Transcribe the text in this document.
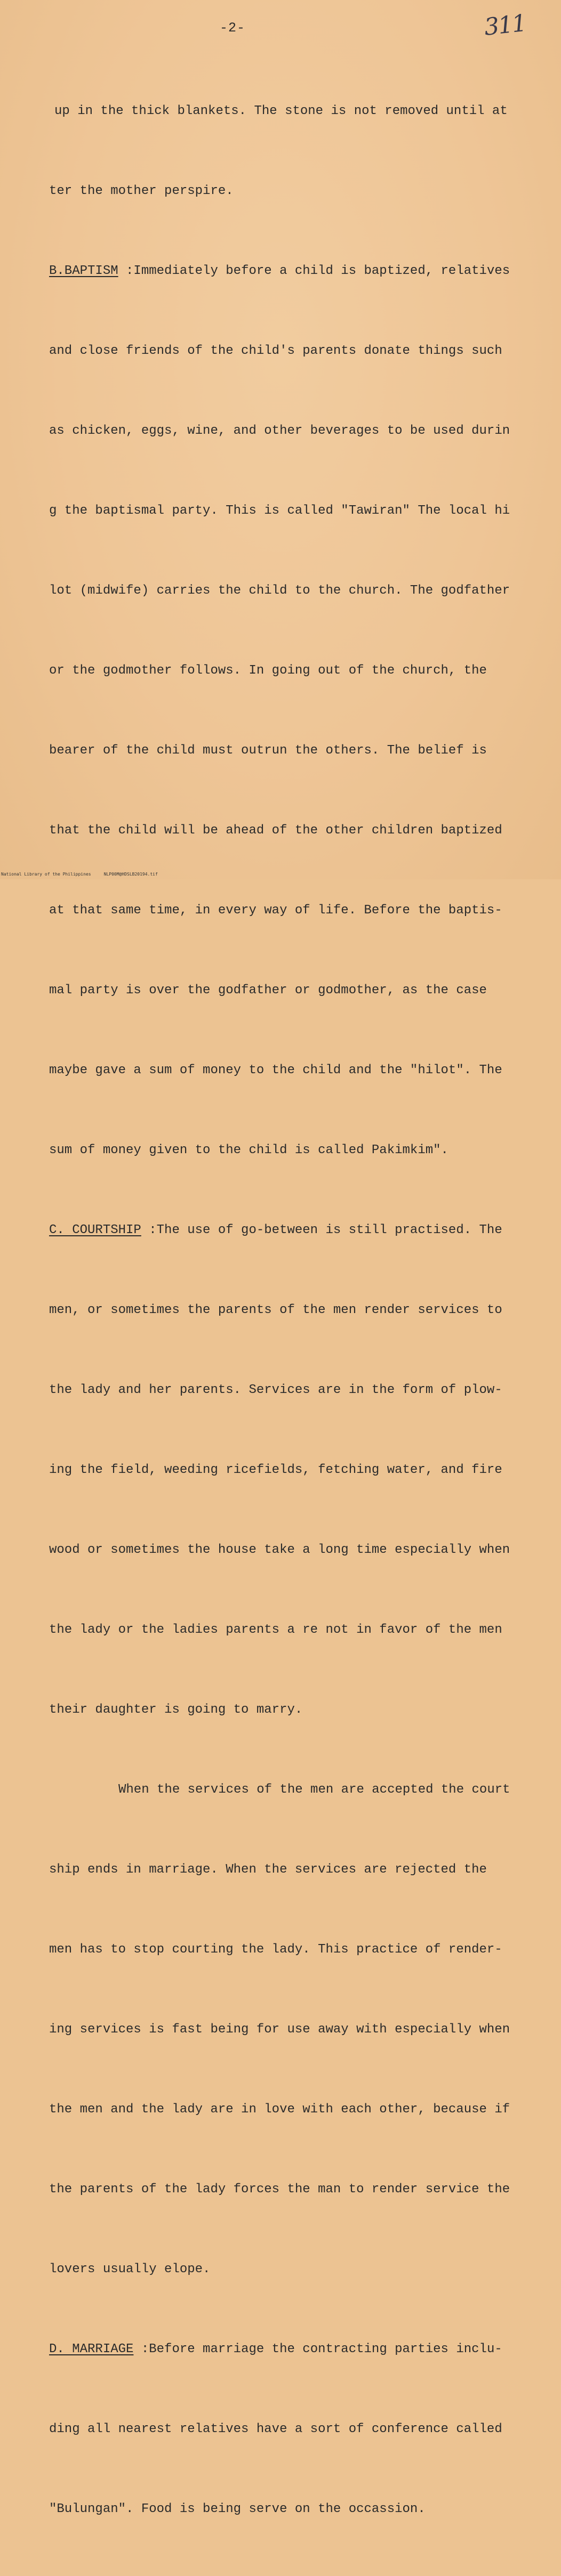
-2-	311

up in the thick blankets. The stone is not removed until at

ter the mother perspire.

B.BAPTISM :Immediately before a child is baptized, relatives

and close friends of the child's parents donate things such

as chicken, eggs, wine, and other beverages to be used durin

g the baptismal party. This is called "Tawiran" The local hi

lot (midwife) carries the child to the church. The godfather

or the godmother follows. In going out of the church, the

bearer of the child must outrun the others. The belief is

that the child will be ahead of the other children baptized

at that same time, in every way of life. Before the baptis-

mal party is over the godfather or godmother, as the case

maybe gave a sum of money to the child and the "hilot". The

sum of money given to the child is called Pakimkim".

C. COURTSHIP :The use of go-between is still practised. The

men, or sometimes the parents of the men render services to

the lady and her parents. Services are in the form of plow-

ing the field, weeding ricefields, fetching water, and fire

wood or sometimes the house take a long time especially when

the lady or the ladies parents a re not in favor of the men

their daughter is going to marry.

When the services of the men are accepted the court

ship ends in marriage. When the services are rejected the

men has to stop courting the lady. This practice of render-

ing services is fast being for use away with especially when

the men and the lady are in love with each other, because if

the parents of the lady forces the man to render service the

lovers usually elope.

D. MARRIAGE :Before marriage the contracting parties inclu-

ding all nearest relatives have a sort of conference called

"Bulungan". Food is being serve on the occassion.

National Library of the Philippines     NLP00M@HDSLB20194.tif
